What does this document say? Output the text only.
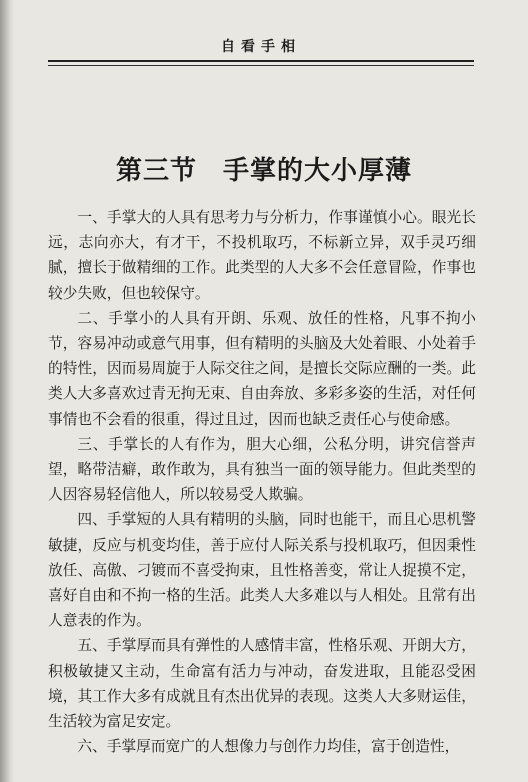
自看手相
第三节 手掌的大小厚薄

一、手掌大的人具有思考力与分析力，作事谨慎小心。眼光长远，志向亦大，有才干，不投机取巧，不标新立异，双手灵巧细腻，擅长于做精细的工作。此类型的人大多不会任意冒险，作事也较少失败，但也较保守。

二、手掌小的人具有开朗、乐观、放任的性格，凡事不拘小节，容易冲动或意气用事，但有精明的头脑及大处着眼、小处着手的特性，因而易周旋于人际交往之间，是擅长交际应酬的一类。此类人大多喜欢过青无拘无束、自由奔放、多彩多姿的生活，对任何事情也不会看的很重，得过且过，因而也缺乏责任心与使命感。

三、手掌长的人有作为，胆大心细，公私分明，讲究信誉声望，略带洁癖，敢作敢为，具有独当一面的领导能力。但此类型的人因容易轻信他人，所以较易受人欺骗。

四、手掌短的人具有精明的头脑，同时也能干，而且心思机警敏捷，反应与机变均佳，善于应付人际关系与投机取巧，但因秉性放任、高傲、刁镀而不喜受拘束，且性格善变，常让人捉摸不定，喜好自由和不拘一格的生活。此类人大多难以与人相处。且常有出人意表的作为。

五、手掌厚而具有弹性的人感情丰富，性格乐观、开朗大方，积极敏捷又主动，生命富有活力与冲动，奋发进取，且能忍受困境，其工作大多有成就且有杰出优异的表现。这类人大多财运佳，生活较为富足安定。

六、手掌厚而宽广的人想像力与创作力均佳，富于创造性，
